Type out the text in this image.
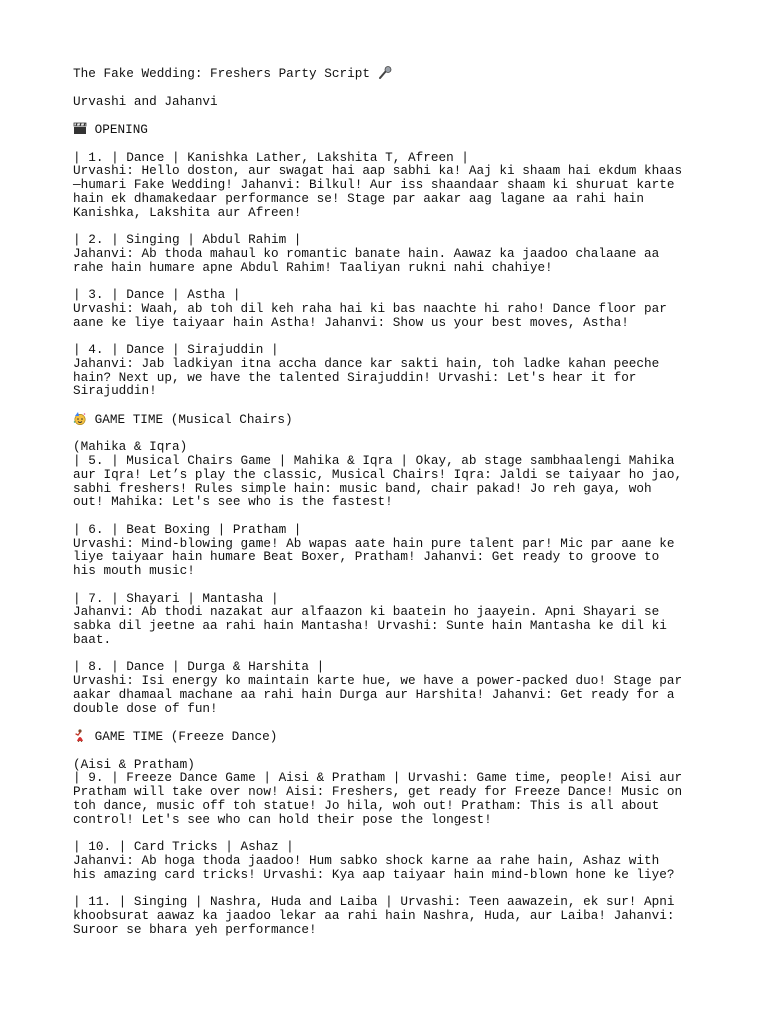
The Fake Wedding: Freshers Party Script
Urvashi and Jahanvi
OPENING
| 1. | Dance | Kanishka Lather, Lakshita T, Afreen |
Urvashi: Hello doston, aur swagat hai aap sabhi ka! Aaj ki shaam hai ekdum khaas
—humari Fake Wedding! Jahanvi: Bilkul! Aur iss shaandaar shaam ki shuruat karte
hain ek dhamakedaar performance se! Stage par aakar aag lagane aa rahi hain
Kanishka, Lakshita aur Afreen!
| 2. | Singing | Abdul Rahim |
Jahanvi: Ab thoda mahaul ko romantic banate hain. Aawaz ka jaadoo chalaane aa
rahe hain humare apne Abdul Rahim! Taaliyan rukni nahi chahiye!
| 3. | Dance | Astha |
Urvashi: Waah, ab toh dil keh raha hai ki bas naachte hi raho! Dance floor par
aane ke liye taiyaar hain Astha! Jahanvi: Show us your best moves, Astha!
| 4. | Dance | Sirajuddin |
Jahanvi: Jab ladkiyan itna accha dance kar sakti hain, toh ladke kahan peeche
hain? Next up, we have the talented Sirajuddin! Urvashi: Let's hear it for
Sirajuddin!
GAME TIME (Musical Chairs)
(Mahika & Iqra)
| 5. | Musical Chairs Game | Mahika & Iqra | Okay, ab stage sambhaalengi Mahika
aur Iqra! Let’s play the classic, Musical Chairs! Iqra: Jaldi se taiyaar ho jao,
sabhi freshers! Rules simple hain: music band, chair pakad! Jo reh gaya, woh
out! Mahika: Let's see who is the fastest!
| 6. | Beat Boxing | Pratham |
Urvashi: Mind-blowing game! Ab wapas aate hain pure talent par! Mic par aane ke
liye taiyaar hain humare Beat Boxer, Pratham! Jahanvi: Get ready to groove to
his mouth music!
| 7. | Shayari | Mantasha |
Jahanvi: Ab thodi nazakat aur alfaazon ki baatein ho jaayein. Apni Shayari se
sabka dil jeetne aa rahi hain Mantasha! Urvashi: Sunte hain Mantasha ke dil ki
baat.
| 8. | Dance | Durga & Harshita |
Urvashi: Isi energy ko maintain karte hue, we have a power-packed duo! Stage par
aakar dhamaal machane aa rahi hain Durga aur Harshita! Jahanvi: Get ready for a
double dose of fun!
GAME TIME (Freeze Dance)
(Aisi & Pratham)
| 9. | Freeze Dance Game | Aisi & Pratham | Urvashi: Game time, people! Aisi aur
Pratham will take over now! Aisi: Freshers, get ready for Freeze Dance! Music on
toh dance, music off toh statue! Jo hila, woh out! Pratham: This is all about
control! Let's see who can hold their pose the longest!
| 10. | Card Tricks | Ashaz |
Jahanvi: Ab hoga thoda jaadoo! Hum sabko shock karne aa rahe hain, Ashaz with
his amazing card tricks! Urvashi: Kya aap taiyaar hain mind-blown hone ke liye?
| 11. | Singing | Nashra, Huda and Laiba | Urvashi: Teen aawazein, ek sur! Apni
khoobsurat aawaz ka jaadoo lekar aa rahi hain Nashra, Huda, aur Laiba! Jahanvi:
Suroor se bhara yeh performance!
